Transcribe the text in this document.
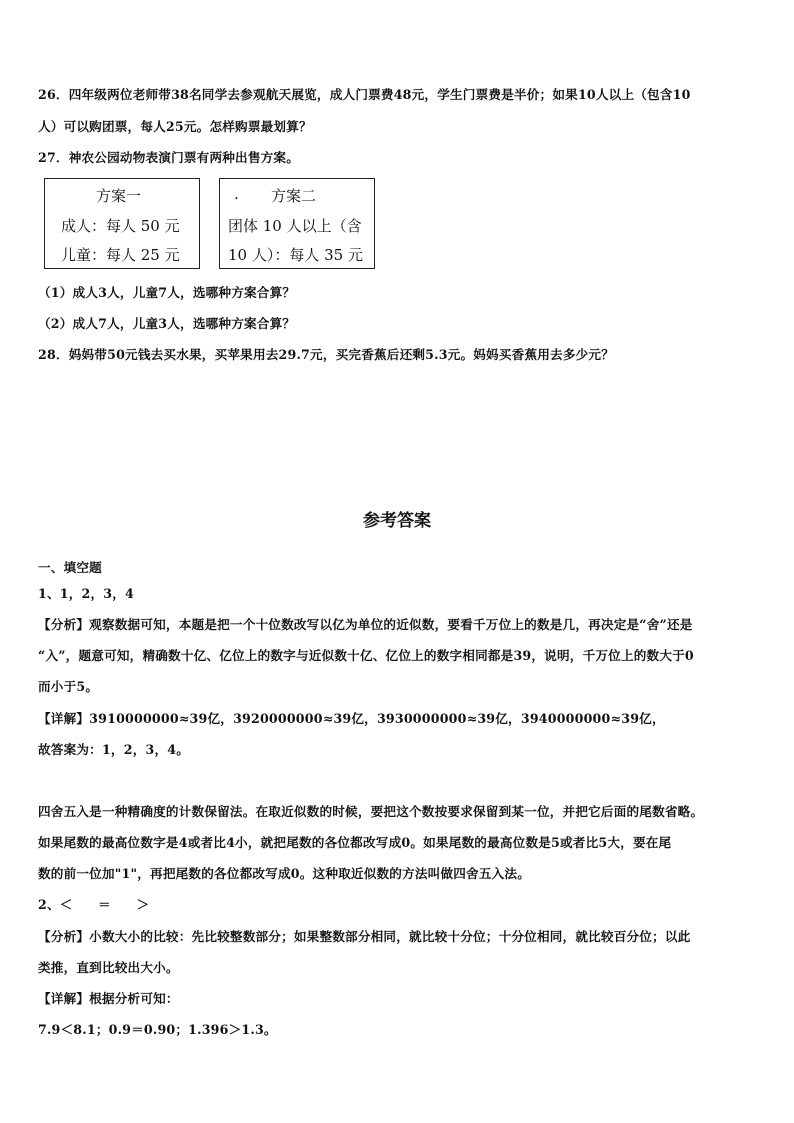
26．四年级两位老师带38名同学去参观航天展览，成人门票费48元，学生门票费是半价；如果10人以上（包含10
人）可以购团票，每人25元。怎样购票最划算？
27．神农公园动物表演门票有两种出售方案。
方案一
成人：每人 50 元
儿童：每人 25 元
· 方案二
团体 10 人以上（含
10 人）：每人 35 元
（1）成人3人，儿童7人，选哪种方案合算？
（2）成人7人，儿童3人，选哪种方案合算？
28．妈妈带50元钱去买水果，买苹果用去29.7元，买完香蕉后还剩5.3元。妈妈买香蕉用去多少元？
参考答案
一、填空题
1、1，2，3，4
【分析】观察数据可知，本题是把一个十位数改写以亿为单位的近似数，要看千万位上的数是几，再决定是“舍”还是
“入”，题意可知，精确数十亿、亿位上的数字与近似数十亿、亿位上的数字相同都是39，说明，千万位上的数大于0
而小于5。
【详解】3910000000≈39亿，3920000000≈39亿，3930000000≈39亿，3940000000≈39亿，
故答案为：1，2，3，4。
四舍五入是一种精确度的计数保留法。在取近似数的时候，要把这个数按要求保留到某一位，并把它后面的尾数省略。
如果尾数的最高位数字是4或者比4小，就把尾数的各位都改写成0。如果尾数的最高位数是5或者比5大，要在尾
数的前一位加"1"，再把尾数的各位都改写成0。这种取近似数的方法叫做四舍五入法。
2、＜　　＝　　＞
【分析】小数大小的比较：先比较整数部分；如果整数部分相同，就比较十分位；十分位相同，就比较百分位；以此
类推，直到比较出大小。
【详解】根据分析可知：
7.9＜8.1；0.9＝0.90；1.396＞1.3。
